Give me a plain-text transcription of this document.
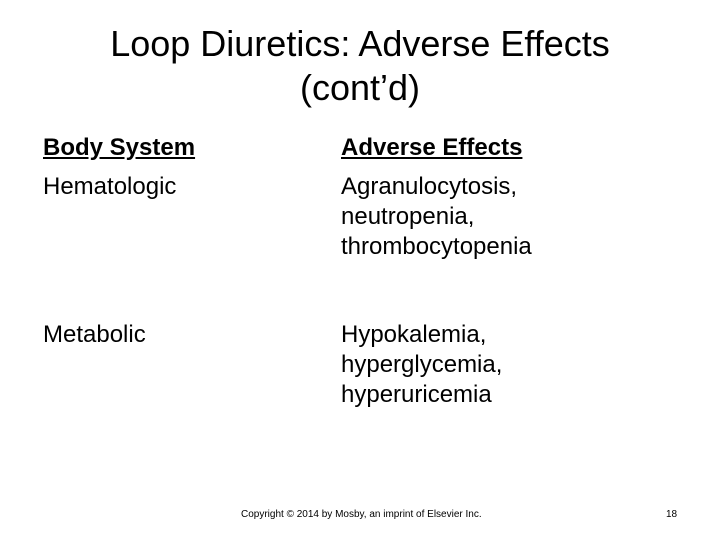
Loop Diuretics: Adverse Effects
(cont’d)
Body System	Adverse Effects
Hematologic	Agranulocytosis,
neutropenia,
thrombocytopenia
Metabolic	Hypokalemia,
hyperglycemia,
hyperuricemia
Copyright © 2014 by Mosby, an imprint of Elsevier Inc.	18
